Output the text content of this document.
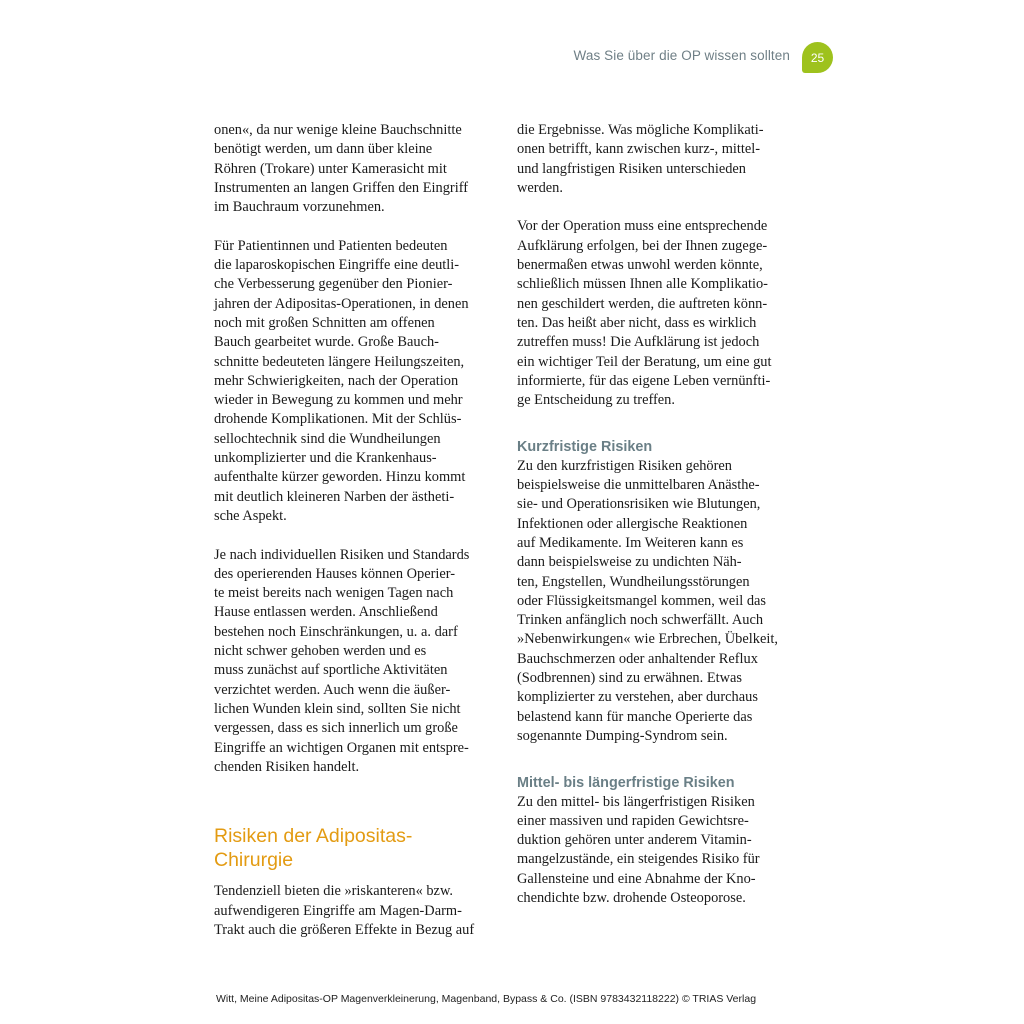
Was Sie über die OP wissen sollten	25

onen«, da nur wenige kleine Bauchschnitte
benötigt werden, um dann über kleine
Röhren (Trokare) unter Kamerasicht mit
Instrumenten an langen Griffen den Eingriff
im Bauchraum vorzunehmen.

Für Patientinnen und Patienten bedeuten
die laparoskopischen Eingriffe eine deutli-
che Verbesserung gegenüber den Pionier-
jahren der Adipositas-Operationen, in denen
noch mit großen Schnitten am offenen
Bauch gearbeitet wurde. Große Bauch-
schnitte bedeuteten längere Heilungszeiten,
mehr Schwierigkeiten, nach der Operation
wieder in Bewegung zu kommen und mehr
drohende Komplikationen. Mit der Schlüs-
sellochtechnik sind die Wundheilungen
unkomplizierter und die Krankenhaus-
aufenthalte kürzer geworden. Hinzu kommt
mit deutlich kleineren Narben der ästheti-
sche Aspekt.

Je nach individuellen Risiken und Standards
des operierenden Hauses können Operier-
te meist bereits nach wenigen Tagen nach
Hause entlassen werden. Anschließend
bestehen noch Einschränkungen, u. a. darf
nicht schwer gehoben werden und es
muss zunächst auf sportliche Aktivitäten
verzichtet werden. Auch wenn die äußer-
lichen Wunden klein sind, sollten Sie nicht
vergessen, dass es sich innerlich um große
Eingriffe an wichtigen Organen mit entspre-
chenden Risiken handelt.

Risiken der Adipositas-
Chirurgie

Tendenziell bieten die »riskanteren« bzw.
aufwendigeren Eingriffe am Magen-Darm-
Trakt auch die größeren Effekte in Bezug auf

die Ergebnisse. Was mögliche Komplikati-
onen betrifft, kann zwischen kurz-, mittel-
und langfristigen Risiken unterschieden
werden.

Vor der Operation muss eine entsprechende
Aufklärung erfolgen, bei der Ihnen zugege-
benermaßen etwas unwohl werden könnte,
schließlich müssen Ihnen alle Komplikatio-
nen geschildert werden, die auftreten könn-
ten. Das heißt aber nicht, dass es wirklich
zutreffen muss! Die Aufklärung ist jedoch
ein wichtiger Teil der Beratung, um eine gut
informierte, für das eigene Leben vernünfti-
ge Entscheidung zu treffen.

Kurzfristige Risiken

Zu den kurzfristigen Risiken gehören
beispielsweise die unmittelbaren Anästhe-
sie- und Operationsrisiken wie Blutungen,
Infektionen oder allergische Reaktionen
auf Medikamente. Im Weiteren kann es
dann beispielsweise zu undichten Näh-
ten, Engstellen, Wundheilungsstörungen
oder Flüssigkeitsmangel kommen, weil das
Trinken anfänglich noch schwerfällt. Auch
»Nebenwirkungen« wie Erbrechen, Übelkeit,
Bauchschmerzen oder anhaltender Reflux
(Sodbrennen) sind zu erwähnen. Etwas
komplizierter zu verstehen, aber durchaus
belastend kann für manche Operierte das
sogenannte Dumping-Syndrom sein.

Mittel- bis längerfristige Risiken

Zu den mittel- bis längerfristigen Risiken
einer massiven und rapiden Gewichtsre-
duktion gehören unter anderem Vitamin-
mangelzustände, ein steigendes Risiko für
Gallensteine und eine Abnahme der Kno-
chendichte bzw. drohende Osteoporose.

Witt, Meine Adipositas-OP Magenverkleinerung, Magenband, Bypass & Co. (ISBN 9783432118222) © TRIAS Verlag
